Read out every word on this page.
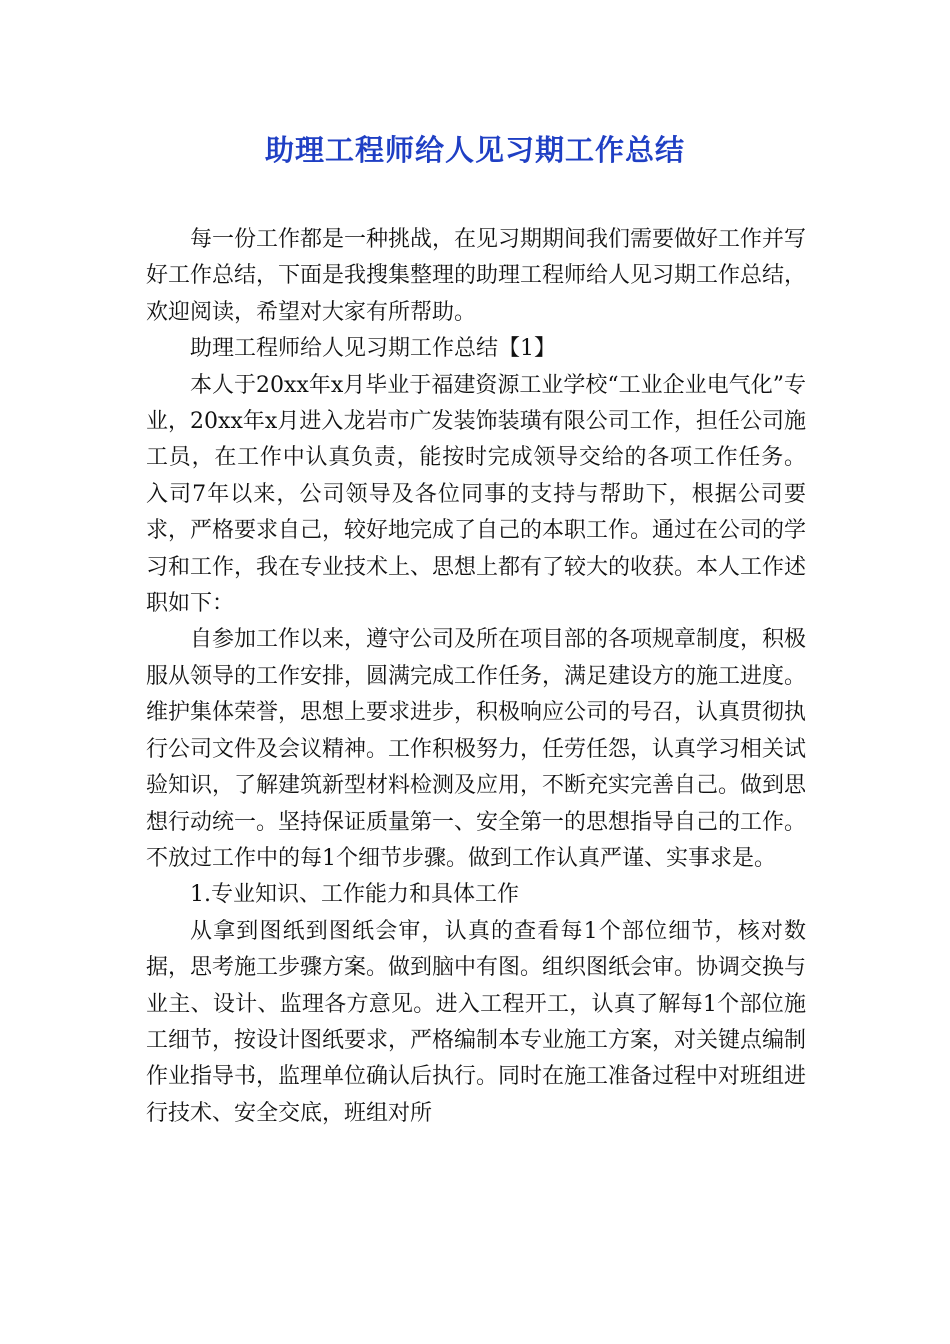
助理工程师给人见习期工作总结

每一份工作都是一种挑战，在见习期期间我们需要做好工作并写好工作总结，下面是我搜集整理的助理工程师给人见习期工作总结，欢迎阅读，希望对大家有所帮助。

助理工程师给人见习期工作总结【1】

本人于20xx年x月毕业于福建资源工业学校“工业企业电气化”专业，20xx年x月进入龙岩市广发装饰装璜有限公司工作，担任公司施工员，在工作中认真负责，能按时完成领导交给的各项工作任务。 入司7年以来，公司领导及各位同事的支持与帮助下，根据公司要求，严格要求自己，较好地完成了自己的本职工作。通过在公司的学习和工作，我在专业技术上、思想上都有了较大的收获。本人工作述职如下：

自参加工作以来，遵守公司及所在项目部的各项规章制度，积极服从领导的工作安排，圆满完成工作任务，满足建设方的施工进度。维护集体荣誉，思想上要求进步，积极响应公司的号召，认真贯彻执行公司文件及会议精神。工作积极努力，任劳任怨，认真学习相关试验知识，了解建筑新型材料检测及应用，不断充实完善自己。做到思想行动统一。坚持保证质量第一、安全第一的思想指导自己的工作。不放过工作中的每1个细节步骤。做到工作认真严谨、实事求是。

1.专业知识、工作能力和具体工作

从拿到图纸到图纸会审，认真的查看每1个部位细节，核对数据，思考施工步骤方案。做到脑中有图。组织图纸会审。协调交换与业主、设计、监理各方意见。进入工程开工，认真了解每1个部位施工细节，按设计图纸要求，严格编制本专业施工方案，对关键点编制作业指导书，监理单位确认后执行。同时在施工准备过程中对班组进行技术、安全交底，班组对所
